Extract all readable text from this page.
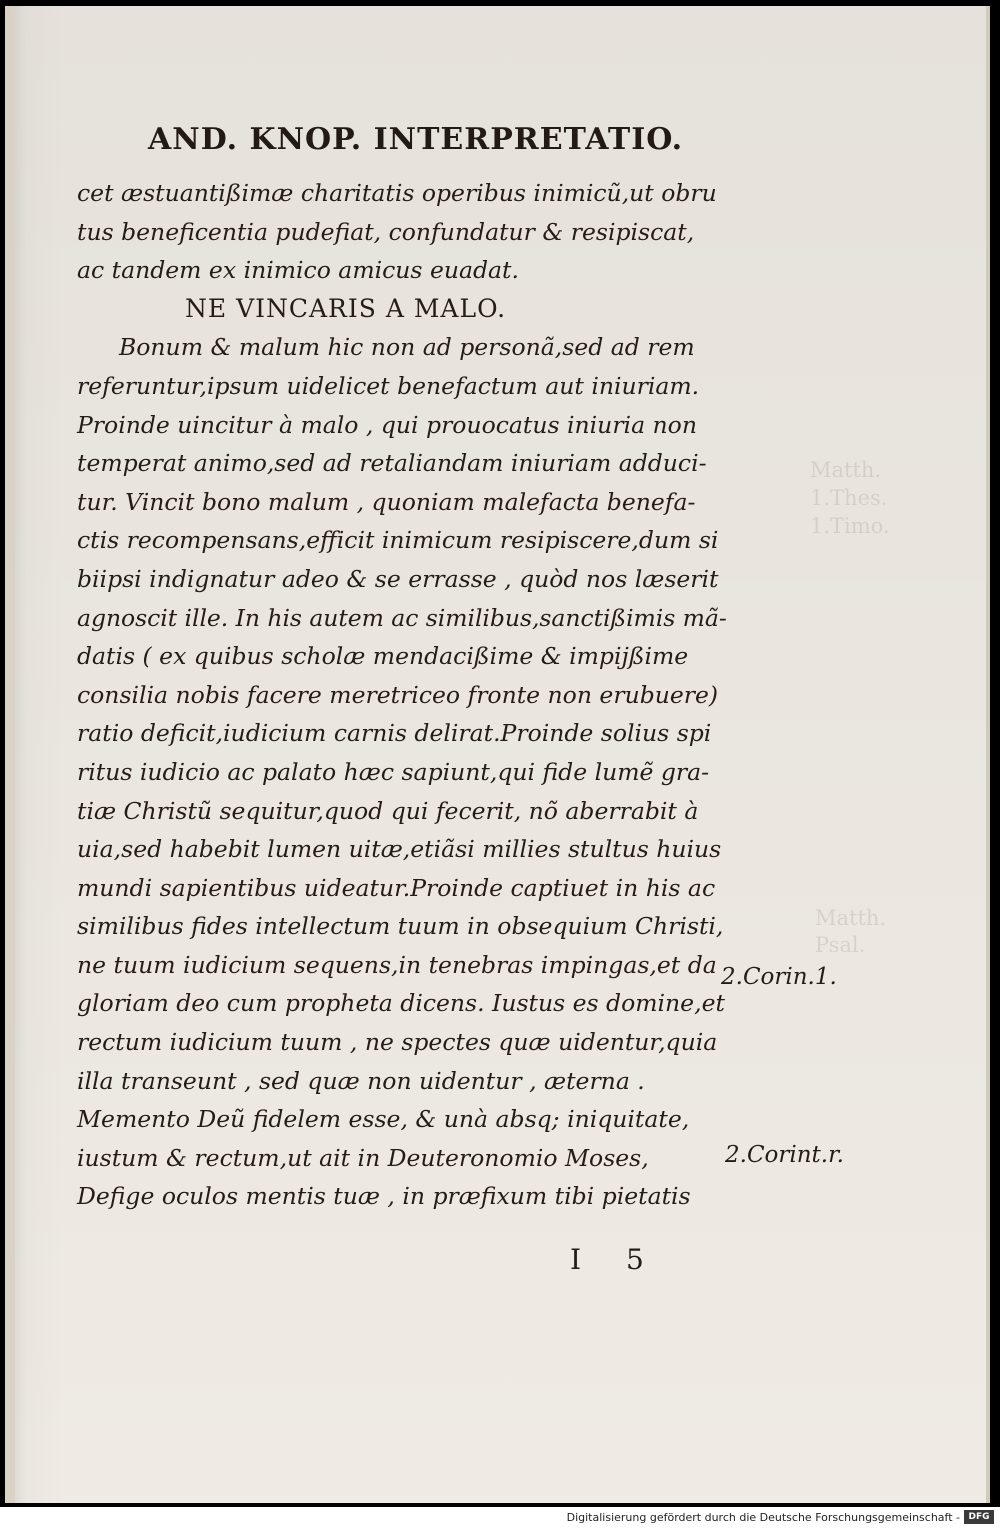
Matth.

1.Thes.

1.Timo.

Matth.

Psal.

AND. KNOP. INTERPRETATIO.
cet æstuantißimæ charitatis operibus inimicũ,ut obru
tus beneficentia pudefiat, confundatur & resipiscat,
ac tandem ex inimico amicus euadat.
NE VINCARIS A MALO.
Bonum & malum hic non ad personã,sed ad rem
referuntur,ipsum uidelicet benefactum aut iniuriam.
Proinde uincitur à malo , qui prouocatus iniuria non
temperat animo,sed ad retaliandam iniuriam adduci-
tur. Vincit bono malum , quoniam malefacta benefa-
ctis recompensans,efficit inimicum resipiscere,dum si
biipsi indignatur adeo & se errasse , quòd nos læserit
agnoscit ille. In his autem ac similibus,sanctißimis mã-
datis ( ex quibus scholæ mendacißime & impijßime
consilia nobis facere meretriceo fronte non erubuere)
ratio deficit,iudicium carnis delirat.Proinde solius spi
ritus iudicio ac palato hæc sapiunt,qui fide lumẽ gra-
tiæ Christũ sequitur,quod qui fecerit, nõ aberrabit à
uia,sed habebit lumen uitæ,etiãsi millies stultus huius
mundi sapientibus uideatur.Proinde captiuet in his ac
similibus fides intellectum tuum in obsequium Christi,
ne tuum iudicium sequens,in tenebras impingas,et da
gloriam deo cum propheta dicens. Iustus es domine,et
rectum iudicium tuum , ne spectes quæ uidentur,quia
illa transeunt , sed quæ non uidentur , æterna .
Memento Deũ fidelem esse, & unà absq; iniquitate,
iustum & rectum,ut ait in Deuteronomio Moses,
Defige oculos mentis tuæ , in præfixum tibi pietatis

2.Corin.1.

2.Corint.r.

I 5

Digitalisierung gefördert durch die Deutsche Forschungsgemeinschaft - DFG
